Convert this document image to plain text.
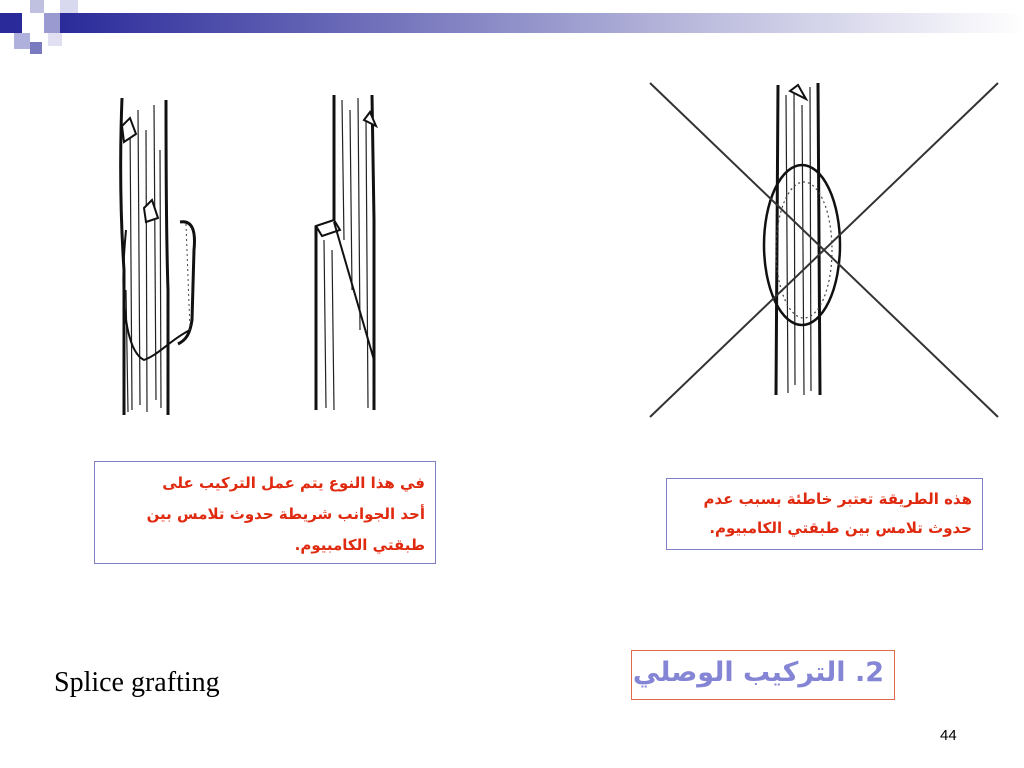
في هذا النوع يتم عمل التركيب على
أحد الجوانب شريطة حدوث تلامس بين
طبقتي الكامبيوم.
هذه الطريقة تعتبر خاطئة بسبب عدم
حدوث تلامس بين طبقتي الكامبيوم.
2. التركيب الوصلي
Splice grafting
44
